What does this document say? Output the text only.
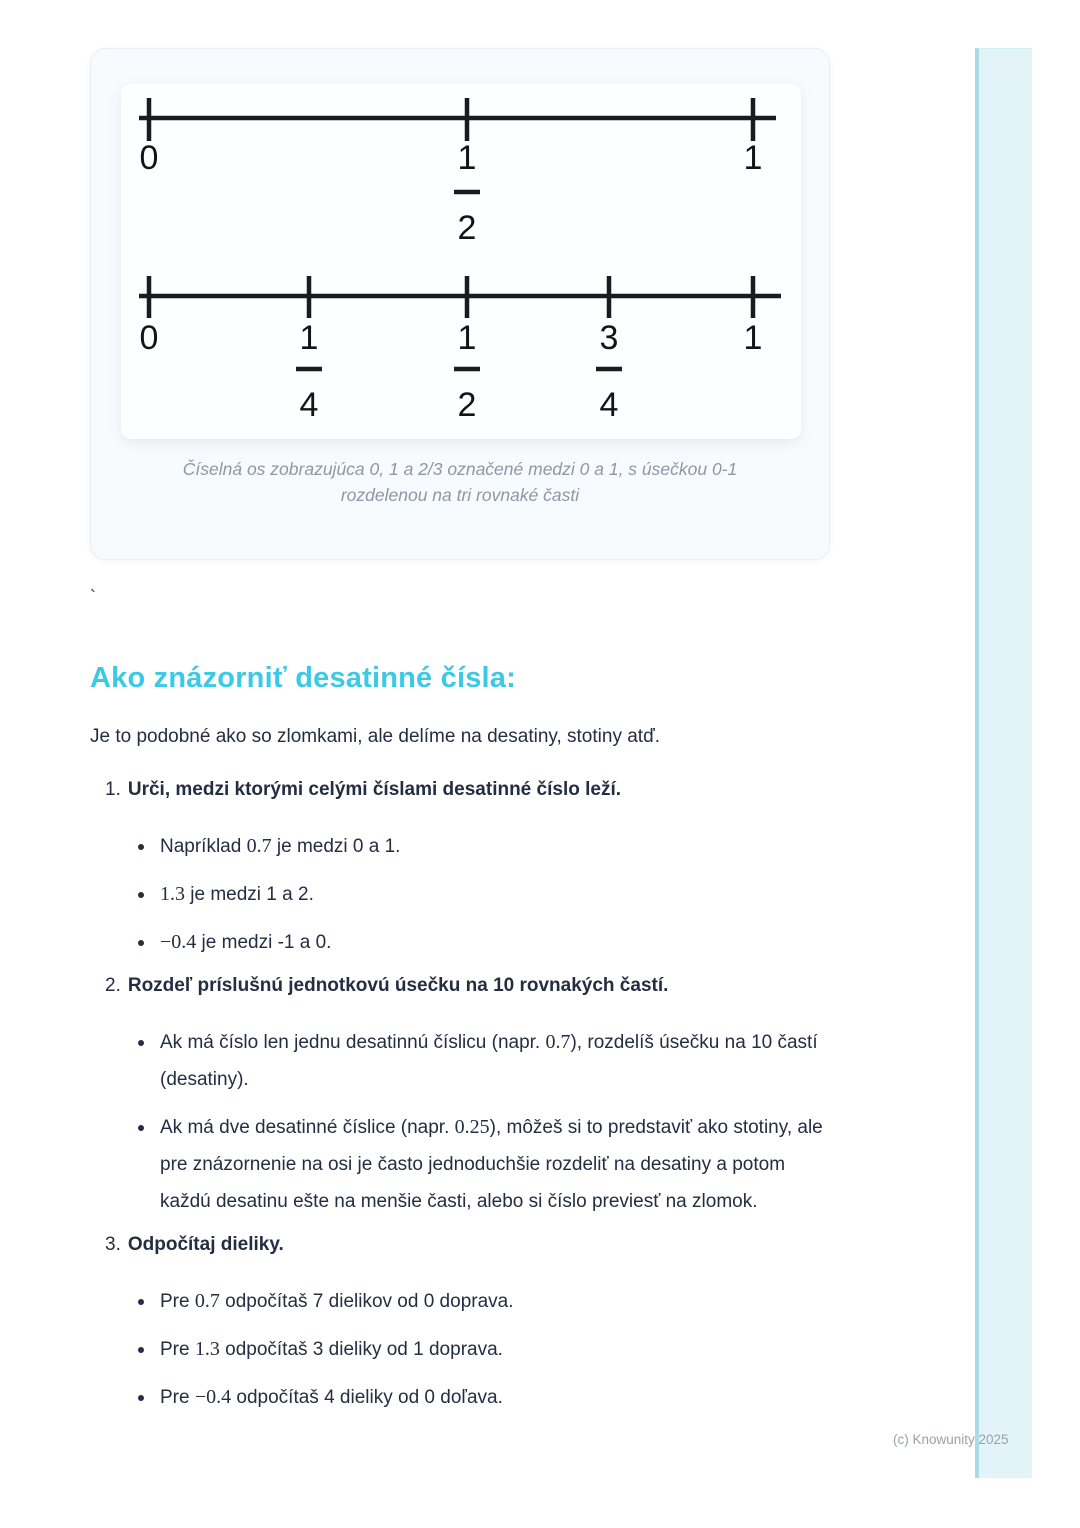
0	1
2
1
0	1
4
1
2
3
4
1

Číselná os zobrazujúca 0, 1 a 2/3 označené medzi 0 a 1, s úsečkou 0-1 rozdelenou na tri rovnaké časti

`
Ako znázorniť desatinné čísla:

Je to podobné ako so zlomkami, ale delíme na desatiny, stotiny atď.

1. Urči, medzi ktorými celými číslami desatinné číslo leží.

Napríklad 0.7 je medzi 0 a 1.

1.3 je medzi 1 a 2.

−0.4 je medzi -1 a 0.

2. Rozdeľ príslušnú jednotkovú úsečku na 10 rovnakých častí.

Ak má číslo len jednu desatinnú číslicu (napr. 0.7), rozdelíš úsečku na 10 častí (desatiny).

Ak má dve desatinné číslice (napr. 0.25), môžeš si to predstaviť ako stotiny, ale pre znázornenie na osi je často jednoduchšie rozdeliť na desatiny a potom každú desatinu ešte na menšie časti, alebo si číslo previesť na zlomok.

3. Odpočítaj dieliky.

Pre 0.7 odpočítaš 7 dielikov od 0 doprava.

Pre 1.3 odpočítaš 3 dieliky od 1 doprava.

Pre −0.4 odpočítaš 4 dieliky od 0 doľava.

(c) Knowunity 2025
